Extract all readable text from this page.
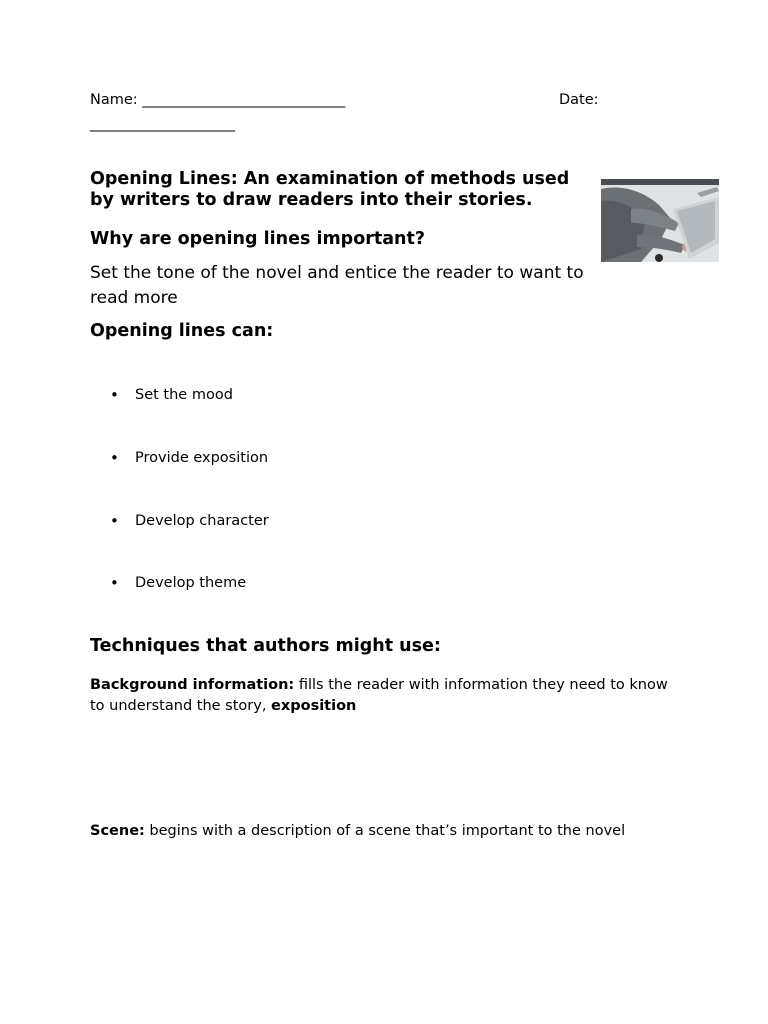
Name: ____________________________	Date:
____________________
Opening Lines: An examination of methods used by writers to draw readers into their stories.
Why are opening lines important?
Set the tone of the novel and entice the reader to want to read more
Opening lines can:
•	Set the mood
•	Provide exposition
•	Develop character
•	Develop theme
Techniques that authors might use:
Background information: fills the reader with information they need to know to understand the story, exposition
Scene: begins with a description of a scene that’s important to the novel
